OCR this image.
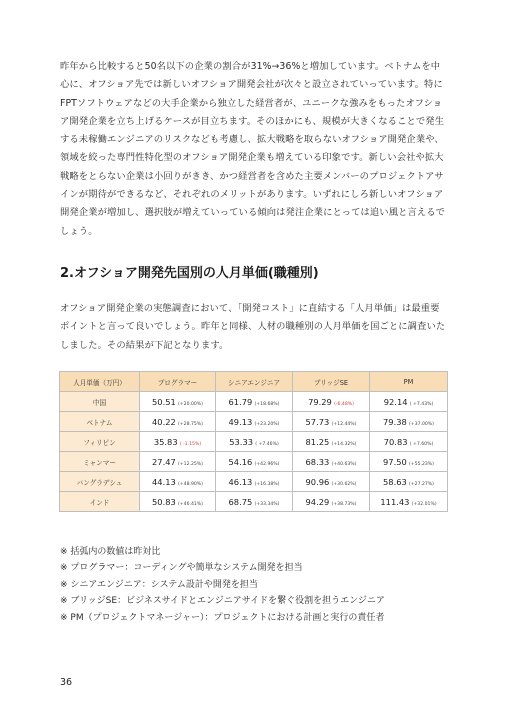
昨年から比較すると50名以下の企業の割合が31%→36%と増加しています。ベトナムを中
心に、オフショア先では新しいオフショア開発会社が次々と設立されていっています。特に
FPTソフトウェアなどの大手企業から独立した経営者が、ユニークな強みをもったオフショ
ア開発企業を立ち上げるケースが目立ちます。そのほかにも、規模が大きくなることで発生
する未稼働エンジニアのリスクなども考慮し、拡大戦略を取らないオフショア開発企業や、
領域を絞った専門性特化型のオフショア開発企業も増えている印象です。新しい会社や拡大
戦略をとらない企業は小回りがきき、かつ経営者を含めた主要メンバーのプロジェクトアサ
インが期待ができるなど、それぞれのメリットがあります。いずれにしろ新しいオフショア
開発企業が増加し、選択肢が増えていっている傾向は発注企業にとっては追い風と言えるで
しょう。
2.オフショア開発先国別の人月単価(職種別)
オフショア開発企業の実態調査において、「開発コスト」に直結する「人月単価」は最重要
ポイントと言って良いでしょう。昨年と同様、人材の職種別の人月単価を国ごとに調査いた
しました。その結果が下記となります。
人月単価（万円）	プログラマー	シニアエンジニア	ブリッジSE	PM
中国	50.51 (+20.00%)	61.79 (+18.68%)	79.29 (-6.48%)	92.14 ( +7.43%)
ベトナム	40.22 (+28.75%)	49.13 (+23.20%)	57.73 (+12.44%)	79.38 (+37.00%)
フィリピン	35.83 ( -1.15%)	53.33 ( +7.46%)	81.25 (+14.32%)	70.83 ( +7.60%)
ミャンマー	27.47 (+12.25%)	54.16 (+42.96%)	68.33 (+40.63%)	97.50 (+55.23%)
バングラデシュ	44.13 (+48.90%)	46.13 (+16.38%)	90.96 (+30.62%)	58.63 (+27.27%)
インド	50.83 (+46.41%)	68.75 (+33.34%)	94.29 (+38.73%)	111.43 (+32.01%)
※ 括弧内の数値は昨対比
※ プログラマー：コーディングや簡単なシステム開発を担当
※ シニアエンジニア：システム設計や開発を担当
※ ブリッジSE：ビジネスサイドとエンジニアサイドを繋ぐ役割を担うエンジニア
※ PM（プロジェクトマネージャー）：プロジェクトにおける計画と実行の責任者
36
